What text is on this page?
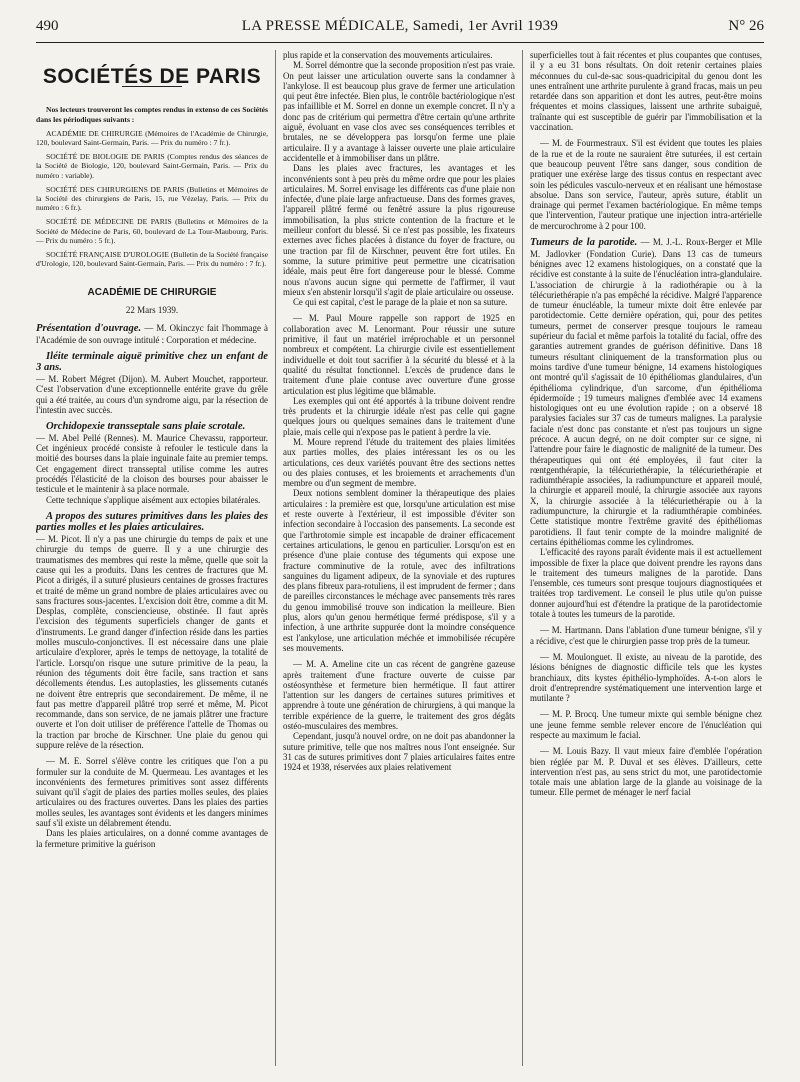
490	LA PRESSE MÉDICALE, Samedi, 1er Avril 1939	N° 26
SOCIÉTÉS DE PARIS

Nos lecteurs trouveront les comptes rendus in extenso de ces Sociétés dans les périodiques suivants :

ACADÉMIE DE CHIRURGIE (Mémoires de l'Académie de Chirurgie, 120, boulevard Saint-Germain, Paris. — Prix du numéro : 7 fr.).

SOCIÉTÉ DE BIOLOGIE DE PARIS (Comptes rendus des séances de la Société de Biologie, 120, boulevard Saint-Germain, Paris. — Prix du numéro : variable).

SOCIÉTÉ DES CHIRURGIENS DE PARIS (Bulletins et Mémoires de la Société des chirurgiens de Paris, 15, rue Vézelay, Paris. — Prix du numéro : 6 fr.).

SOCIÉTÉ DE MÉDECINE DE PARIS (Bulletins et Mémoires de la Société de Médecine de Paris, 60, boulevard de La Tour-Maubourg, Paris. — Prix du numéro : 5 fr.).

SOCIÉTÉ FRANÇAISE D'UROLOGIE (Bulletin de la Société française d'Urologie, 120, boulevard Saint-Germain, Paris. — Prix du numéro : 7 fr.).

ACADÉMIE DE CHIRURGIE
22 Mars 1939.

Présentation d'ouvrage. — M. Okinczyc fait l'hommage à l'Académie de son ouvrage intitulé : Corporation et médecine.

Iléite terminale aiguë primitive chez un enfant de 3 ans.

— M. Robert Mégret (Dijon). M. Aubert Mouchet, rapporteur. C'est l'observation d'une exceptionnelle entérite grave du grêle qui a été traitée, au cours d'un syndrome aigu, par la résection de l'intestin avec succès.

Orchidopexie transseptale sans plaie scrotale.

— M. Abel Pellé (Rennes). M. Maurice Chevassu, rapporteur. Cet ingénieux procédé consiste à refouler le testicule dans la moitié des bourses dans la plaie inguinale faite au premier temps. Cet engagement direct transseptal utilise comme les autres procédés l'élasticité de la cloison des bourses pour abaisser le testicule et le maintenir à sa place normale.

Cette technique s'applique aisément aux ectopies bilatérales.

A propos des sutures primitives dans les plaies des parties molles et les plaies articulaires.

— M. Picot. Il n'y a pas une chirurgie du temps de paix et une chirurgie du temps de guerre. Il y a une chirurgie des traumatismes des membres qui reste la même, quelle que soit la cause qui les a produits. Dans les centres de fractures que M. Picot a dirigés, il a suturé plusieurs centaines de grosses fractures et traité de même un grand nombre de plaies articulaires avec ou sans fractures sous-jacentes. L'excision doit être, comme a dit M. Desplas, complète, consciencieuse, obstinée. Il faut après l'excision des téguments superficiels changer de gants et d'instruments. Le grand danger d'infection réside dans les parties molles musculo-conjonctives. Il est nécessaire dans une plaie articulaire d'explorer, après le temps de nettoyage, la totalité de l'article. Lorsqu'on risque une suture primitive de la peau, la réunion des téguments doit être facile, sans traction et sans décollements étendus. Les autoplasties, les glissements cutanés ne doivent être entrepris que secondairement. De même, il ne faut pas mettre d'appareil plâtré trop serré et même, M. Picot recommande, dans son service, de ne jamais plâtrer une fracture ouverte et l'on doit utiliser de préférence l'attelle de Thomas ou la traction par broche de Kirschner. Une plaie du genou qui suppure relève de la résection.

— M. E. Sorrel s'élève contre les critiques que l'on a pu formuler sur la conduite de M. Quermeau. Les avantages et les inconvénients des fermetures primitives sont assez différents suivant qu'il s'agit de plaies des parties molles seules, des plaies articulaires ou des fractures ouvertes. Dans les plaies des parties molles seules, les avantages sont évidents et les dangers minimes sauf s'il existe un délabrement étendu.

Dans les plaies articulaires, on a donné comme avantages de la fermeture primitive la guérison

plus rapide et la conservation des mouvements articulaires.

M. Sorrel démontre que la seconde proposition n'est pas vraie. On peut laisser une articulation ouverte sans la condamner à l'ankylose. Il est beaucoup plus grave de fermer une articulation qui peut être infectée. Bien plus, le contrôle bactériologique n'est pas infaillible et M. Sorrel en donne un exemple concret. Il n'y a donc pas de critérium qui permettra d'être certain qu'une arthrite aiguë, évoluant en vase clos avec ses conséquences terribles et brutales, ne se développera pas lorsqu'on ferme une plaie articulaire. Il y a avantage à laisser ouverte une plaie articulaire accidentelle et à immobiliser dans un plâtre.

Dans les plaies avec fractures, les avantages et les inconvénients sont à peu près du même ordre que pour les plaies articulaires. M. Sorrel envisage les différents cas d'une plaie non infectée, d'une plaie large anfractueuse. Dans des formes graves, l'appareil plâtré fermé ou fenêtré assure la plus rigoureuse immobilisation, la plus stricte contention de la fracture et le meilleur confort du blessé. Si ce n'est pas possible, les fixateurs externes avec fiches placées à distance du foyer de fracture, ou une traction par fil de Kirschner, peuvent être fort utiles. En somme, la suture primitive peut permettre une cicatrisation idéale, mais peut être fort dangereuse pour le blessé. Comme nous n'avons aucun signe qui permette de l'affirmer, il vaut mieux s'en abstenir lorsqu'il s'agit de plaie articulaire ou osseuse.

Ce qui est capital, c'est le parage de la plaie et non sa suture.

— M. Paul Moure rappelle son rapport de 1925 en collaboration avec M. Lenormant. Pour réussir une suture primitive, il faut un matériel irréprochable et un personnel nombreux et compétent. La chirurgie civile est essentiellement individuelle et doit tout sacrifier à la sécurité du blessé et à la qualité du résultat fonctionnel. L'excès de prudence dans le traitement d'une plaie contuse avec ouverture d'une grosse articulation est plus légitime que blâmable.

Les exemples qui ont été apportés à la tribune doivent rendre très prudents et la chirurgie idéale n'est pas celle qui gagne quelques jours ou quelques semaines dans le traitement d'une plaie, mais celle qui n'expose pas le patient à perdre la vie.

M. Moure reprend l'étude du traitement des plaies limitées aux parties molles, des plaies intéressant les os ou les articulations, ces deux variétés pouvant être des sections nettes ou des plaies contuses, et les broiements et arrachements d'un membre ou d'un segment de membre.

Deux notions semblent dominer la thérapeutique des plaies articulaires : la première est que, lorsqu'une articulation est mise et reste ouverte à l'extérieur, il est impossible d'éviter son infection secondaire à l'occasion des pansements. La seconde est que l'arthrotomie simple est incapable de drainer efficacement certaines articulations, le genou en particulier. Lorsqu'on est en présence d'une plaie contuse des téguments qui expose une fracture comminutive de la rotule, avec des infiltrations sanguines du ligament adipeux, de la synoviale et des ruptures des plans fibreux para-rotuliens, il est imprudent de fermer ; dans de pareilles circonstances le méchage avec pansements très rares du genou immobilisé trouve son indication la meilleure. Bien plus, alors qu'un genou hermétique fermé prédispose, s'il y a infection, à une arthrite suppurée dont la moindre conséquence est l'ankylose, une articulation méchée et immobilisée récupère ses mouvements.

— M. A. Ameline cite un cas récent de gangrène gazeuse après traitement d'une fracture ouverte de cuisse par ostéosynthèse et fermeture bien hermétique. Il faut attirer l'attention sur les dangers de certaines sutures primitives et apprendre à toute une génération de chirurgiens, à qui manque la terrible expérience de la guerre, le traitement des gros dégâts ostéo-musculaires des membres.

Cependant, jusqu'à nouvel ordre, on ne doit pas abandonner la suture primitive, telle que nos maîtres nous l'ont enseignée. Sur 31 cas de sutures primitives dont 7 plaies articulaires faites entre 1924 et 1938, réservées aux plaies relativement

superficielles tout à fait récentes et plus coupantes que contuses, il y a eu 31 bons résultats. On doit retenir certaines plaies méconnues du cul-de-sac sous-quadricipital du genou dont les unes entraînent une arthrite purulente à grand fracas, mais un peu retardée dans son apparition et dont les autres, peut-être moins fréquentes et moins classiques, laissent une arthrite subaiguë, traînante qui est susceptible de guérir par l'immobilisation et la vaccination.

— M. de Fourmestraux. S'il est évident que toutes les plaies de la rue et de la route ne sauraient être suturées, il est certain que beaucoup peuvent l'être sans danger, sous condition de pratiquer une exérèse large des tissus contus en respectant avec soin les pédicules vasculo-nerveux et en réalisant une hémostase absolue. Dans son service, l'auteur, après suture, établit un drainage qui permet l'examen bactériologique. En même temps que l'intervention, l'auteur pratique une injection intra-artérielle de mercurochrome à 2 pour 100.

Tumeurs de la parotide. — M. J.-L. Roux-Berger et Mlle M. Jadlovker (Fondation Curie). Dans 13 cas de tumeurs bénignes avec 12 examens histologiques, on a constaté que la récidive est constante à la suite de l'énucléation intra-glandulaire. L'association de chirurgie à la radiothérapie ou à la télécuriethérapie n'a pas empêché la récidive. Malgré l'apparence de tumeur énucléable, la tumeur mixte doit être enlevée par parotidectomie. Cette dernière opération, qui, pour des petites tumeurs, permet de conserver presque toujours le rameau supérieur du facial et même parfois la totalité du facial, offre des garanties autrement grandes de guérison définitive. Dans 18 tumeurs résultant cliniquement de la transformation plus ou moins tardive d'une tumeur bénigne, 14 examens histologiques ont montré qu'il s'agissait de 10 épithéliomas glandulaires, d'un épithélioma cylindrique, d'un sarcome, d'un épithélioma épidermoïde ; 19 tumeurs malignes d'emblée avec 14 examens histologiques ont eu une évolution rapide ; on a observé 18 paralysies faciales sur 37 cas de tumeurs malignes. La paralysie faciale n'est donc pas constante et n'est pas toujours un signe précoce. A aucun degré, on ne doit compter sur ce signe, ni l'attendre pour faire le diagnostic de malignité de la tumeur. Des thérapeutiques qui ont été employées, il faut citer la rœntgenthérapie, la télécuriethérapie, la télécuriethérapie et radiumthérapie associées, la radiumpuncture et appareil moulé, la chirurgie et appareil moulé, la chirurgie associée aux rayons X, la chirurgie associée à la télécuriethérapie ou à la radiumpuncture, la chirurgie et la radiumthérapie combinées. Cette statistique montre l'extrême gravité des épithéliomas parotidiens. Il faut tenir compte de la moindre malignité de certains épithéliomas comme les cylindromes.

L'efficacité des rayons paraît évidente mais il est actuellement impossible de fixer la place que doivent prendre les rayons dans le traitement des tumeurs malignes de la parotide. Dans l'ensemble, ces tumeurs sont presque toujours diagnostiquées et traitées trop tardivement. Le conseil le plus utile qu'on puisse donner aujourd'hui est d'étendre la pratique de la parotidectomie totale à toutes les tumeurs de la parotide.

— M. Hartmann. Dans l'ablation d'une tumeur bénigne, s'il y a récidive, c'est que le chirurgien passe trop près de la tumeur.

— M. Moulonguet. Il existe, au niveau de la parotide, des lésions bénignes de diagnostic difficile tels que les kystes branchiaux, dits kystes épithélio-lymphoïdes. A-t-on alors le droit d'entreprendre systématiquement une intervention large et mutilante ?

— M. P. Brocq. Une tumeur mixte qui semble bénigne chez une jeune femme semble relever encore de l'énucléation qui respecte au maximum le facial.

— M. Louis Bazy. Il vaut mieux faire d'emblée l'opération bien réglée par M. P. Duval et ses élèves. D'ailleurs, cette intervention n'est pas, au sens strict du mot, une parotidectomie totale mais une ablation large de la glande au voisinage de la tumeur. Elle permet de ménager le nerf facial
